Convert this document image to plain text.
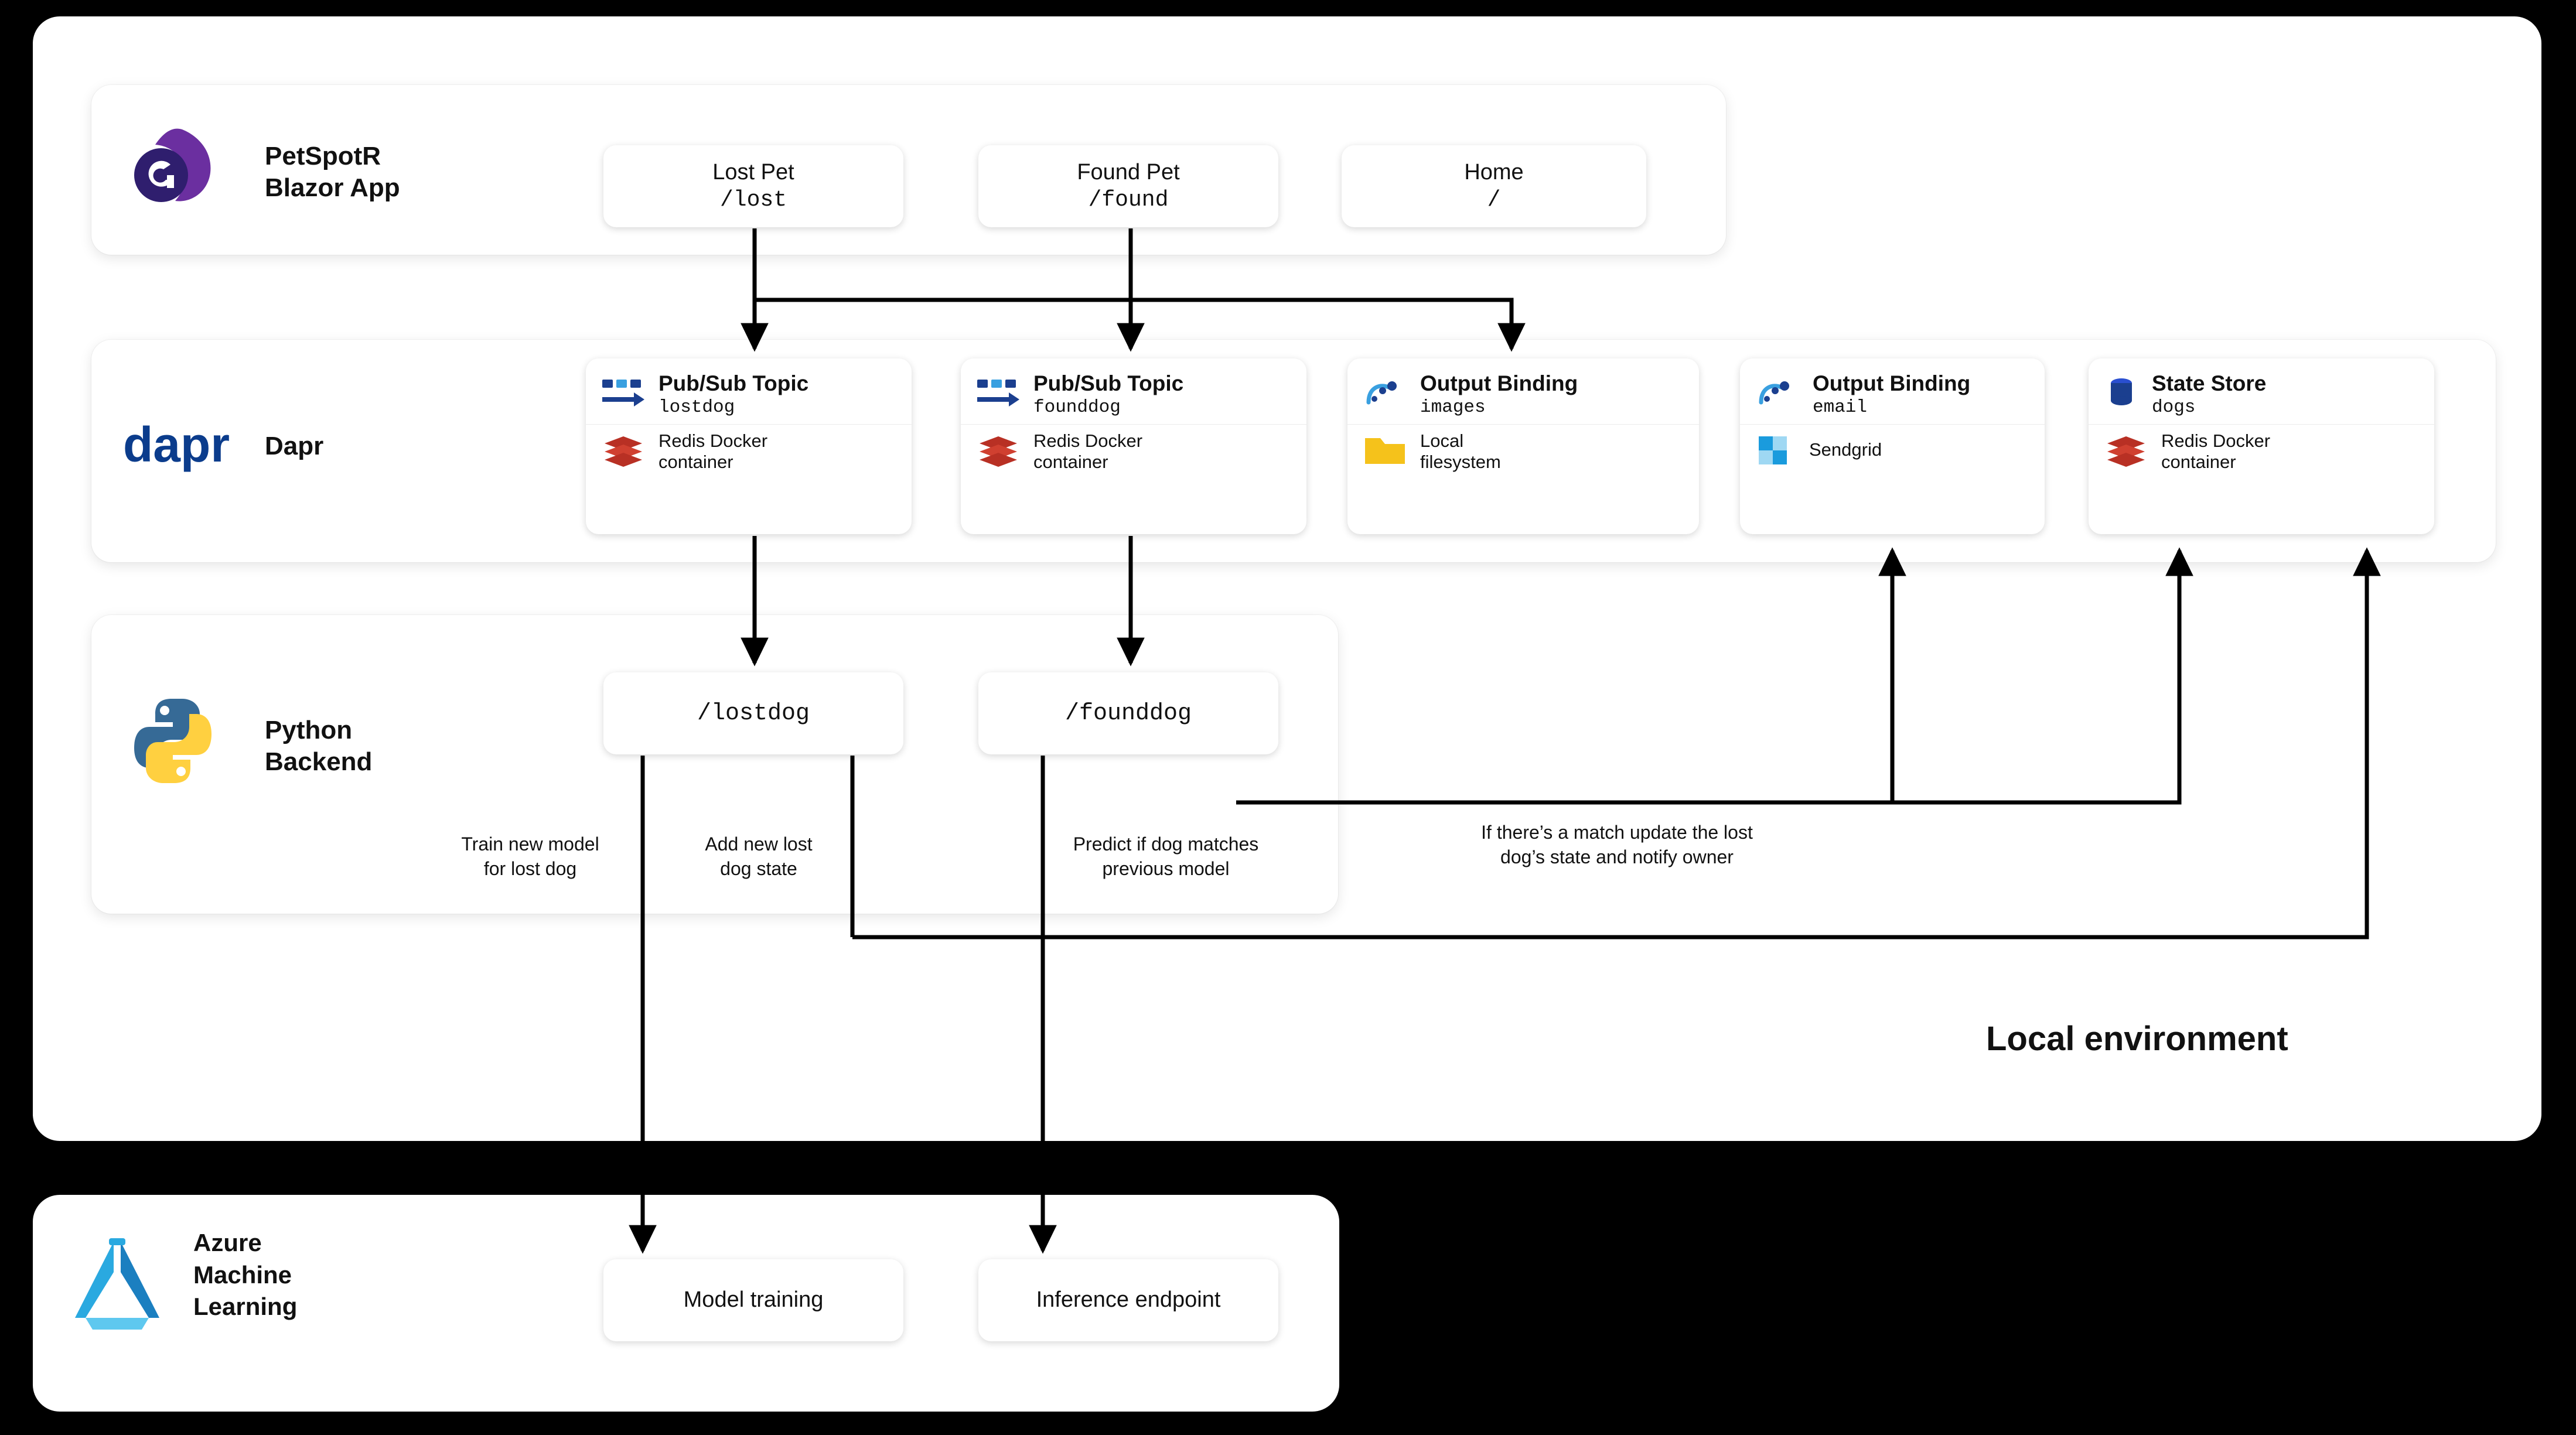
PetSpotR
Blazor App
Lost Pet
/lost
Found Pet
/found
Home
/
dapr Dapr
Pub/Sub Topic
lostdog
Redis Docker
container
Pub/Sub Topic
founddog
Redis Docker
container
Output Binding
images
Local
filesystem
Output Binding
email
Sendgrid
State Store
dogs
Redis Docker
container
Python
Backend
/lostdog	/founddog
Train new model
for lost dog
Add new lost
dog state
Predict if dog matches
previous model
If there’s a match update the lost
dog’s state and notify owner
Local environment
Azure
Machine
Learning	Model training	Inference endpoint
